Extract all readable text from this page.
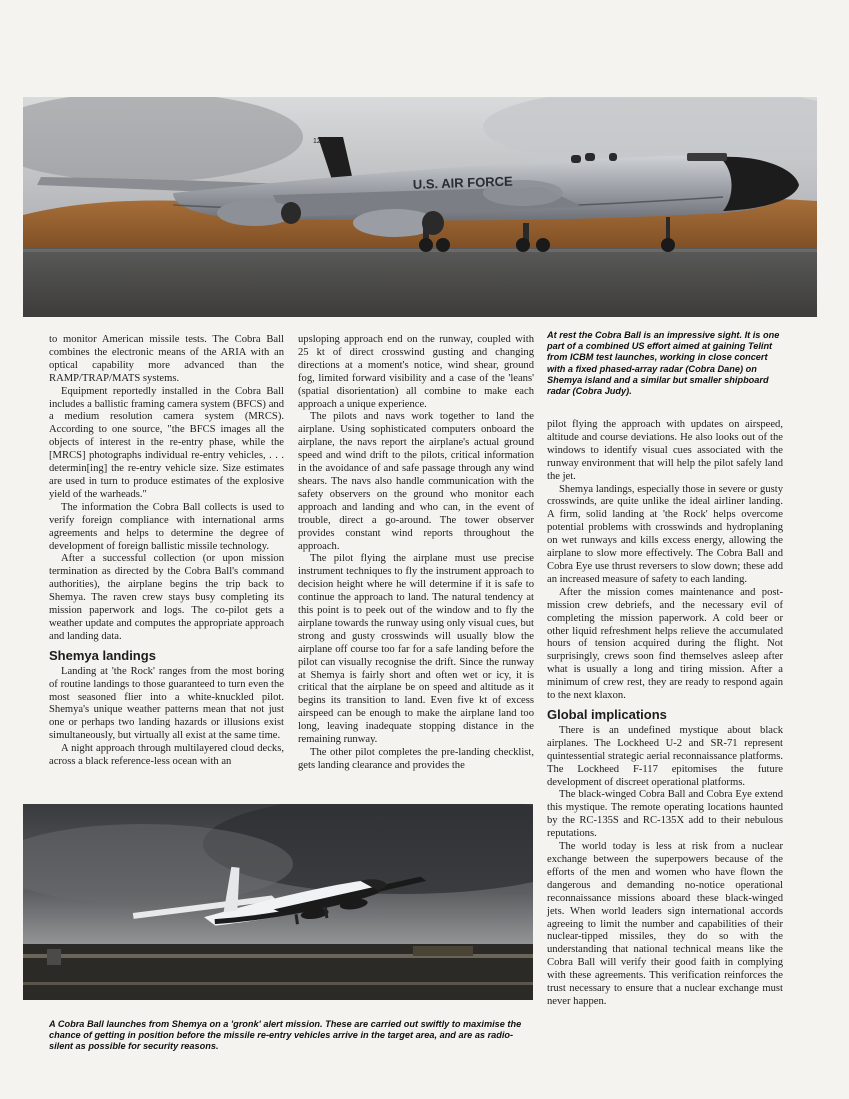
12667
U.S. AIR FORCE
At rest the Cobra Ball is an impressive sight. It is one part of a combined US effort aimed at gaining Telint from ICBM test launches, working in close concert with a fixed phased-array radar (Cobra Dane) on Shemya island and a similar but smaller shipboard radar (Cobra Judy).

to monitor American missile tests. The Cobra Ball combines the electronic means of the ARIA with an optical capability more advanced than the RAMP/TRAP/MATS systems.

Equipment reportedly installed in the Cobra Ball includes a ballistic framing camera system (BFCS) and a medium resolution camera system (MRCS). According to one source, "the BFCS images all the objects of interest in the re-entry phase, while the [MRCS] photographs individual re-entry vehicles, . . . determin[ing] the re-entry vehicle size. Size estimates are used in turn to produce estimates of the explosive yield of the warheads."

The information the Cobra Ball collects is used to verify foreign compliance with international arms agreements and helps to determine the degree of development of foreign ballistic missile technology.

After a successful collection (or upon mission termination as directed by the Cobra Ball's command authorities), the airplane begins the trip back to Shemya. The raven crew stays busy completing its mission paperwork and logs. The co-pilot gets a weather update and computes the appropriate approach and landing data.

Shemya landings

Landing at 'the Rock' ranges from the most boring of routine landings to those guaranteed to turn even the most seasoned flier into a white-knuckled pilot. Shemya's unique weather patterns mean that not just one or perhaps two landing hazards or illusions exist simultaneously, but virtually all exist at the same time.

A night approach through multilayered cloud decks, across a black reference-less ocean with an

upsloping approach end on the runway, coupled with 25 kt of direct crosswind gusting and changing directions at a moment's notice, wind shear, ground fog, limited forward visibility and a case of the 'leans' (spatial disorientation) all combine to make each approach a unique experience.

The pilots and navs work together to land the airplane. Using sophisticated computers onboard the airplane, the navs report the airplane's actual ground speed and wind drift to the pilots, critical information in the avoidance of and safe passage through any wind shears. The navs also handle communication with the safety observers on the ground who monitor each approach and landing and who can, in the event of trouble, direct a go-around. The tower observer provides constant wind reports throughout the approach.

The pilot flying the airplane must use precise instrument techniques to fly the instrument approach to decision height where he will determine if it is safe to continue the approach to land. The natural tendency at this point is to peek out of the window and to fly the airplane towards the runway using only visual cues, but strong and gusty crosswinds will usually blow the airplane off course too far for a safe landing before the pilot can visually recognise the drift. Since the runway at Shemya is fairly short and often wet or icy, it is critical that the airplane be on speed and altitude as it begins its transition to land. Even five kt of excess airspeed can be enough to make the airplane land too long, leaving inadequate stopping distance in the remaining runway.

The other pilot completes the pre-landing checklist, gets landing clearance and provides the

pilot flying the approach with updates on airspeed, altitude and course deviations. He also looks out of the windows to identify visual cues associated with the runway environment that will help the pilot safely land the jet.

Shemya landings, especially those in severe or gusty crosswinds, are quite unlike the ideal airliner landing. A firm, solid landing at 'the Rock' helps overcome potential problems with crosswinds and hydroplaning on wet runways and kills excess energy, allowing the airplane to slow more effectively. The Cobra Ball and Cobra Eye use thrust reversers to slow down; these add an increased measure of safety to each landing.

After the mission comes maintenance and post-mission crew debriefs, and the necessary evil of completing the mission paperwork. A cold beer or other liquid refreshment helps relieve the accumulated hours of tension acquired during the flight. Not surprisingly, crews soon find themselves asleep after what is usually a long and tiring mission. After a minimum of crew rest, they are ready to respond again to the next klaxon.

Global implications

There is an undefined mystique about black airplanes. The Lockheed U-2 and SR-71 represent quintessential strategic aerial reconnaissance platforms. The Lockheed F-117 epitomises the future development of discreet operational platforms.

The black-winged Cobra Ball and Cobra Eye extend this mystique. The remote operating locations haunted by the RC-135S and RC-135X add to their nebulous reputations.

The world today is less at risk from a nuclear exchange between the superpowers because of the efforts of the men and women who have flown the dangerous and demanding no-notice operational reconnaissance missions aboard these black-winged jets. When world leaders sign international accords agreeing to limit the number and capabilities of their nuclear-tipped missiles, they do so with the understanding that national technical means like the Cobra Ball will verify their good faith in complying with these agreements. This verification reinforces the trust necessary to ensure that a nuclear exchange must never happen.

A Cobra Ball launches from Shemya on a 'gronk' alert mission. These are carried out swiftly to maximise the chance of getting in position before the missile re-entry vehicles arrive in the target area, and are as radio-silent as possible for security reasons.
